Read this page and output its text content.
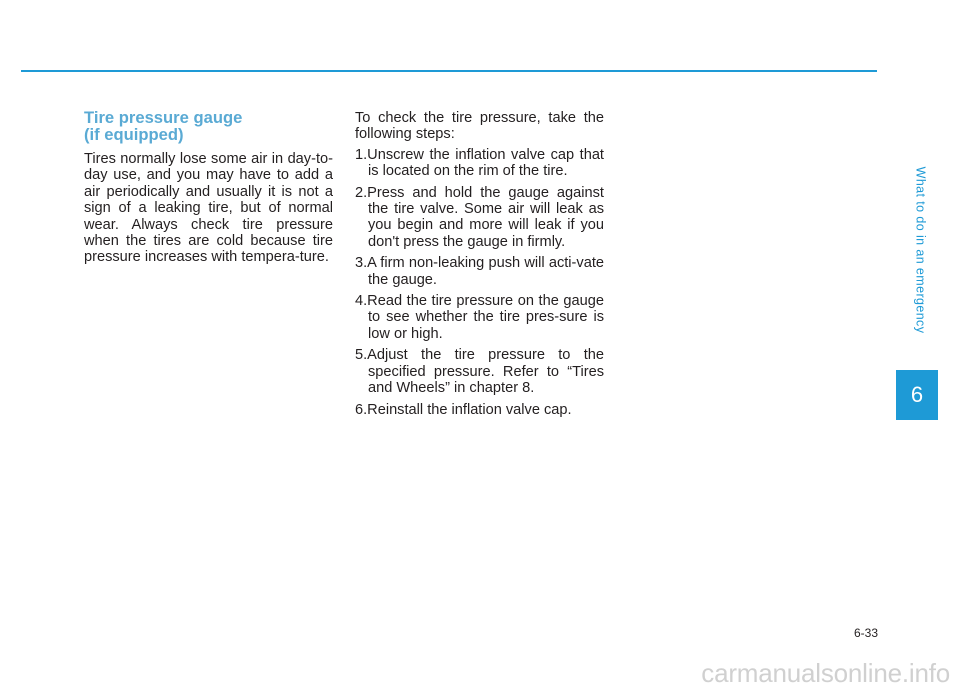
Tire pressure gauge
(if equipped)

Tires normally lose some air in day-to-day use, and you may have to add a air periodically and usually it is not a sign of a leaking tire, but of normal wear. Always check tire pressure when the tires are cold because tire pressure increases with tempera-ture.

To check the tire pressure, take the following steps:

1.Unscrew the inflation valve cap that is located on the rim of the tire.
2.Press and hold the gauge against the tire valve. Some air will leak as you begin and more will leak if you don't press the gauge in firmly.
3.A firm non-leaking push will acti-vate the gauge.
4.Read the tire pressure on the gauge to see whether the tire pres-sure is low or high.
5.Adjust the tire pressure to the specified pressure. Refer to “Tires and Wheels” in chapter 8.
6.Reinstall the inflation valve cap.
What to do in an emergency
6
6-33
carmanualsonline.info
